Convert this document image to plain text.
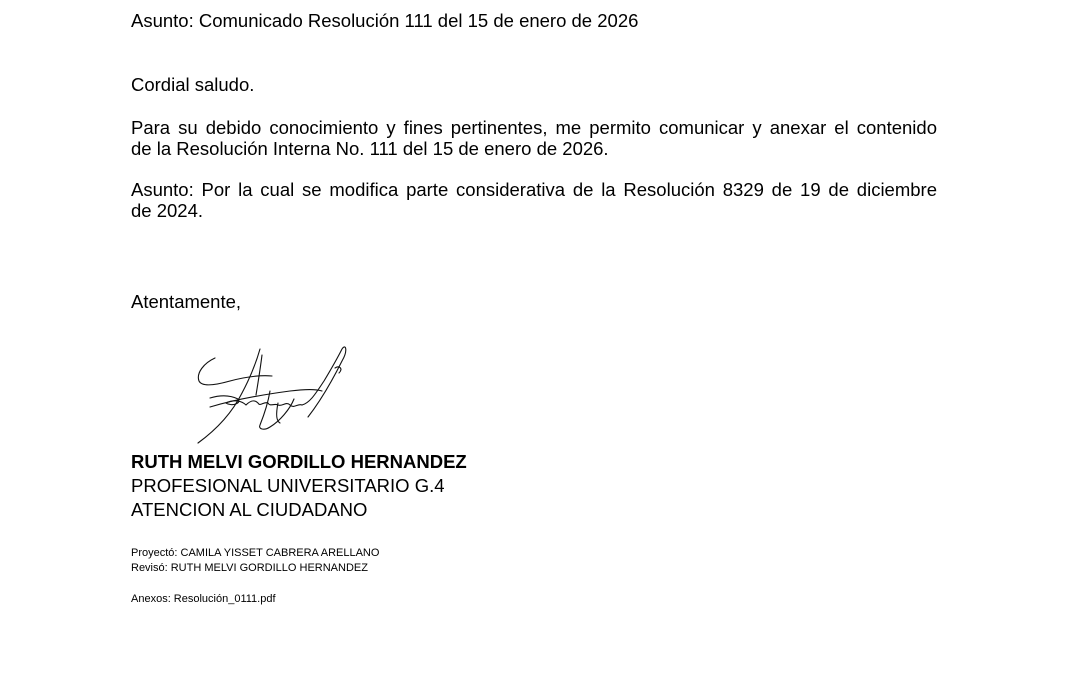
Asunto: Comunicado Resolución 111 del 15 de enero de 2026
Cordial saludo.
Para su debido conocimiento y fines pertinentes, me permito comunicar y anexar el contenido
de la Resolución Interna No. 111 del 15 de enero de 2026.
Asunto: Por la cual se modifica parte considerativa de la Resolución 8329 de 19 de diciembre
de 2024.
Atentamente,
RUTH MELVI GORDILLO HERNANDEZ
PROFESIONAL UNIVERSITARIO G.4
ATENCION AL CIUDADANO
Proyectó: CAMILA YISSET CABRERA ARELLANO
Revisó: RUTH MELVI GORDILLO HERNANDEZ
Anexos: Resolución_0111.pdf
